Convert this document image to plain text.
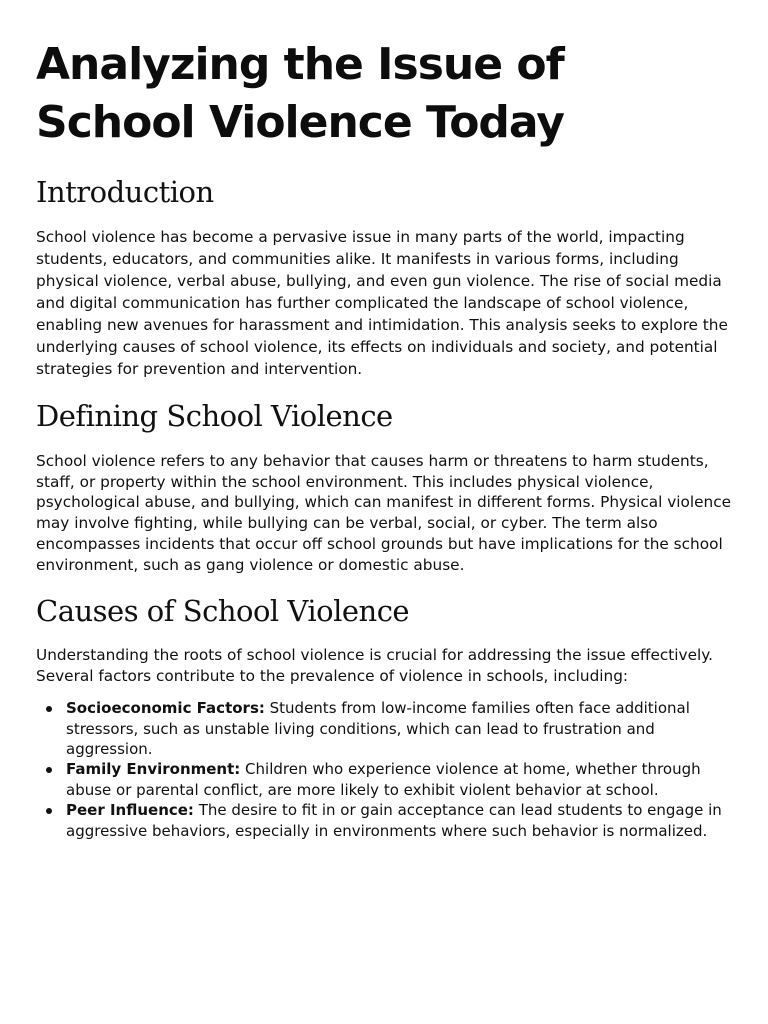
Analyzing the Issue of School Violence Today
Introduction

School violence has become a pervasive issue in many parts of the world, impacting students, educators, and communities alike. It manifests in various forms, including physical violence, verbal abuse, bullying, and even gun violence. The rise of social media and digital communication has further complicated the landscape of school violence, enabling new avenues for harassment and intimidation. This analysis seeks to explore the underlying causes of school violence, its effects on individuals and society, and potential strategies for prevention and intervention.

Defining School Violence

School violence refers to any behavior that causes harm or threatens to harm students, staff, or property within the school environment. This includes physical violence, psychological abuse, and bullying, which can manifest in different forms. Physical violence may involve fighting, while bullying can be verbal, social, or cyber. The term also encompasses incidents that occur off school grounds but have implications for the school environment, such as gang violence or domestic abuse.

Causes of School Violence

Understanding the roots of school violence is crucial for addressing the issue effectively. Several factors contribute to the prevalence of violence in schools, including:

Socioeconomic Factors: Students from low-income families often face additional stressors, such as unstable living conditions, which can lead to frustration and aggression.
Family Environment: Children who experience violence at home, whether through abuse or parental conflict, are more likely to exhibit violent behavior at school.
Peer Influence: The desire to fit in or gain acceptance can lead students to engage in aggressive behaviors, especially in environments where such behavior is normalized.
